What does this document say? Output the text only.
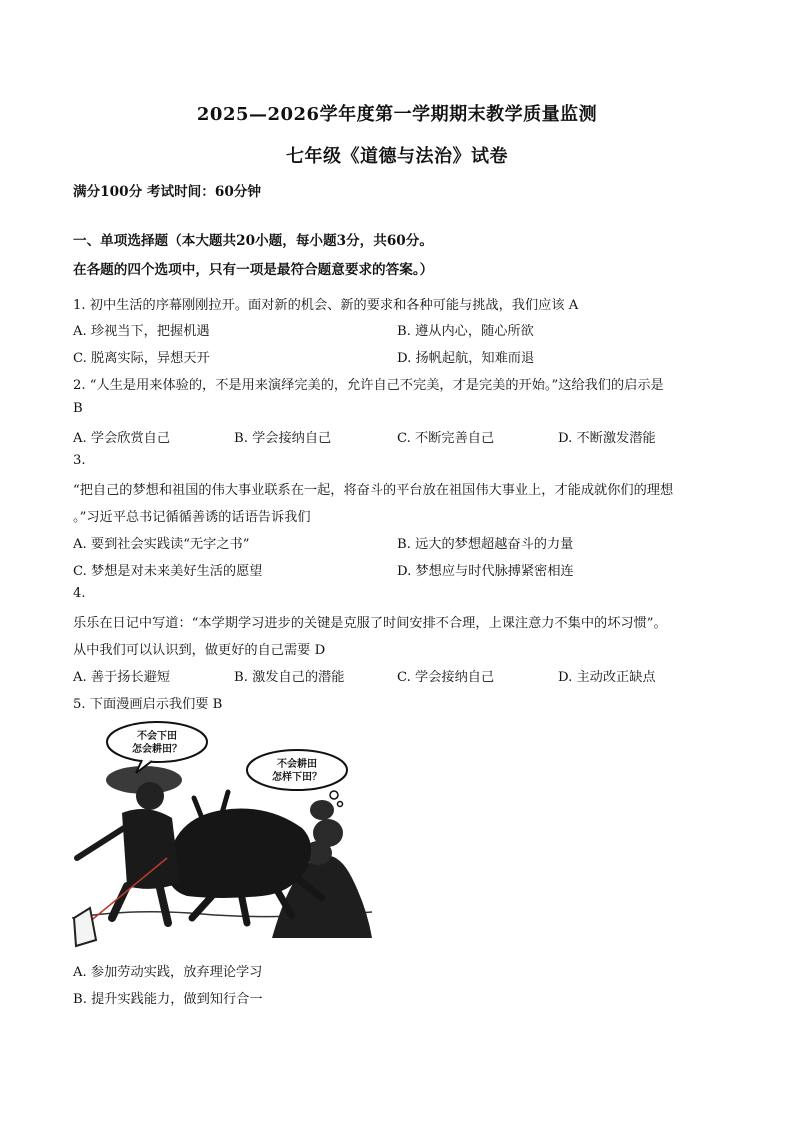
2025—2026学年度第一学期期末教学质量监测
七年级《道德与法治》试卷
满分100分 考试时间：60分钟
一、单项选择题（本大题共20小题，每小题3分，共60分。
在各题的四个选项中，只有一项是最符合题意要求的答案。）
1. 初中生活的序幕刚刚拉开。面对新的机会、新的要求和各种可能与挑战，我们应该 A
A. 珍视当下，把握机遇	B. 遵从内心，随心所欲
C. 脱离实际，异想天开	D. 扬帆起航，知难而退
2. “人生是用来体验的，不是用来演绎完美的，允许自己不完美，才是完美的开始。”这给我们的启示是
B
A. 学会欣赏自己	B. 学会接纳自己	C. 不断完善自己	D. 不断激发潜能
3.
“把自己的梦想和祖国的伟大事业联系在一起，将奋斗的平台放在祖国伟大事业上，才能成就你们的理想
。”习近平总书记循循善诱的话语告诉我们
A. 要到社会实践读“无字之书”	B. 远大的梦想超越奋斗的力量
C. 梦想是对未来美好生活的愿望	D. 梦想应与时代脉搏紧密相连
4.
乐乐在日记中写道：“本学期学习进步的关键是克服了时间安排不合理，上课注意力不集中的坏习惯”。
从中我们可以认识到，做更好的自己需要 D
A. 善于扬长避短	B. 激发自己的潜能	C. 学会接纳自己	D. 主动改正缺点
5. 下面漫画启示我们要 B
不会下田
怎会耕田？
不会耕田
怎样下田？
A. 参加劳动实践，放弃理论学习
B. 提升实践能力，做到知行合一
